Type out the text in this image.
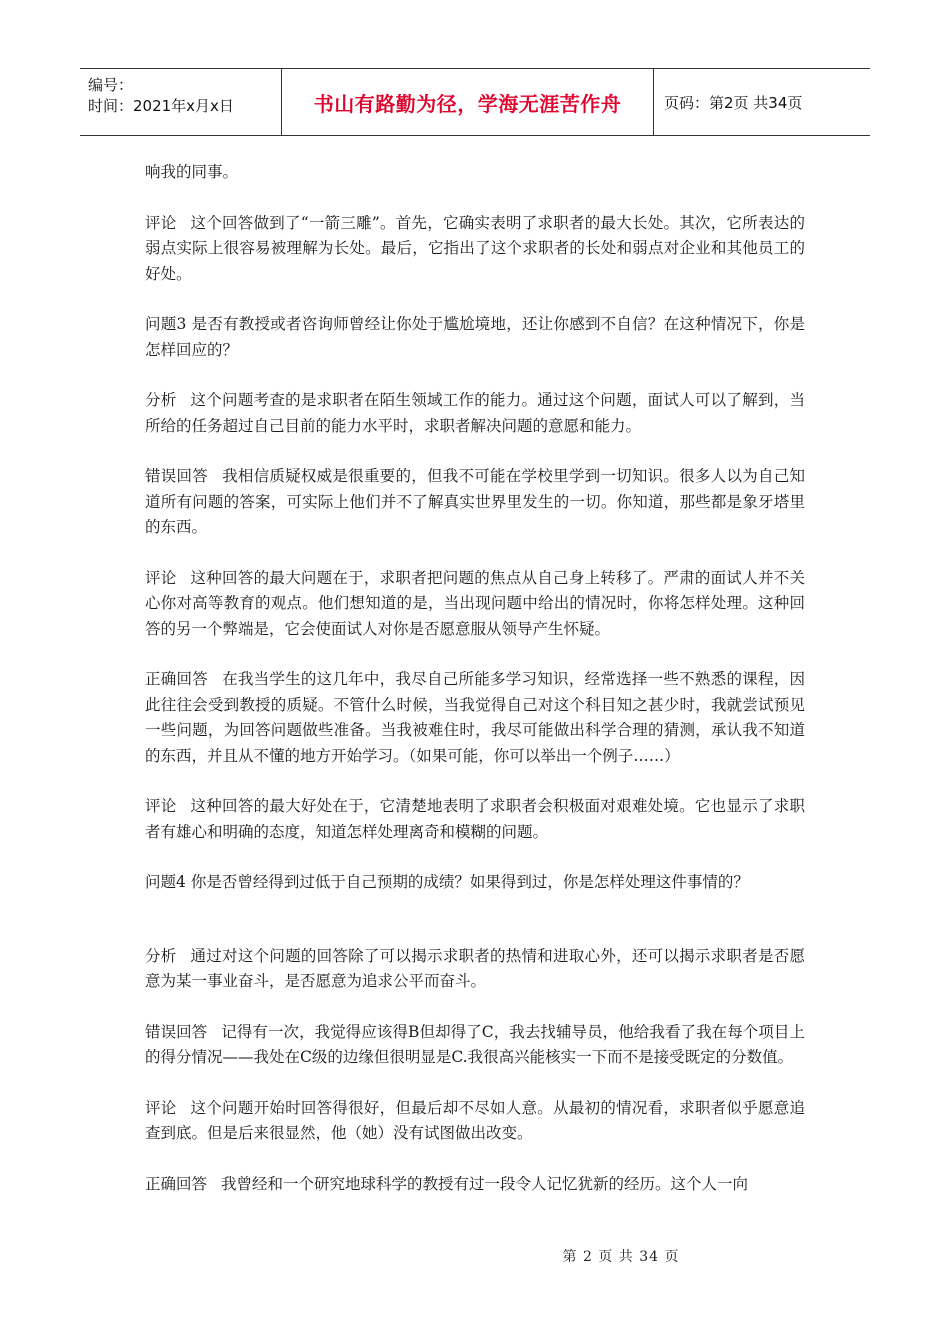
编号：
时间：2021年x月x日	书山有路勤为径，学海无涯苦作舟	页码：第2页 共34页

响我的同事。

评论 这个回答做到了“一箭三雕”。首先，它确实表明了求职者的最大长处。其次，它所表达的弱点实际上很容易被理解为长处。最后，它指出了这个求职者的长处和弱点对企业和其他员工的好处。

问题3 是否有教授或者咨询师曾经让你处于尴尬境地，还让你感到不自信？在这种情况下，你是怎样回应的？

分析 这个问题考查的是求职者在陌生领域工作的能力。通过这个问题，面试人可以了解到，当所给的任务超过自己目前的能力水平时，求职者解决问题的意愿和能力。

错误回答 我相信质疑权威是很重要的，但我不可能在学校里学到一切知识。很多人以为自己知道所有问题的答案，可实际上他们并不了解真实世界里发生的一切。你知道，那些都是象牙塔里的东西。

评论 这种回答的最大问题在于，求职者把问题的焦点从自己身上转移了。严肃的面试人并不关心你对高等教育的观点。他们想知道的是，当出现问题中给出的情况时，你将怎样处理。这种回答的另一个弊端是，它会使面试人对你是否愿意服从领导产生怀疑。

正确回答 在我当学生的这几年中，我尽自己所能多学习知识，经常选择一些不熟悉的课程，因此往往会受到教授的质疑。不管什么时候，当我觉得自己对这个科目知之甚少时，我就尝试预见一些问题，为回答问题做些准备。当我被难住时，我尽可能做出科学合理的猜测，承认我不知道的东西，并且从不懂的地方开始学习。（如果可能，你可以举出一个例子……）

评论 这种回答的最大好处在于，它清楚地表明了求职者会积极面对艰难处境。它也显示了求职者有雄心和明确的态度，知道怎样处理离奇和模糊的问题。

问题4 你是否曾经得到过低于自己预期的成绩？如果得到过，你是怎样处理这件事情的？

分析 通过对这个问题的回答除了可以揭示求职者的热情和进取心外，还可以揭示求职者是否愿意为某一事业奋斗，是否愿意为追求公平而奋斗。

错误回答 记得有一次，我觉得应该得B但却得了C，我去找辅导员，他给我看了我在每个项目上的得分情况——我处在C级的边缘但很明显是C.我很高兴能核实一下而不是接受既定的分数值。

评论 这个问题开始时回答得很好，但最后却不尽如人意。从最初的情况看，求职者似乎愿意追查到底。但是后来很显然，他（她）没有试图做出改变。

正确回答 我曾经和一个研究地球科学的教授有过一段令人记忆犹新的经历。这个人一向

第 2 页 共 34 页
